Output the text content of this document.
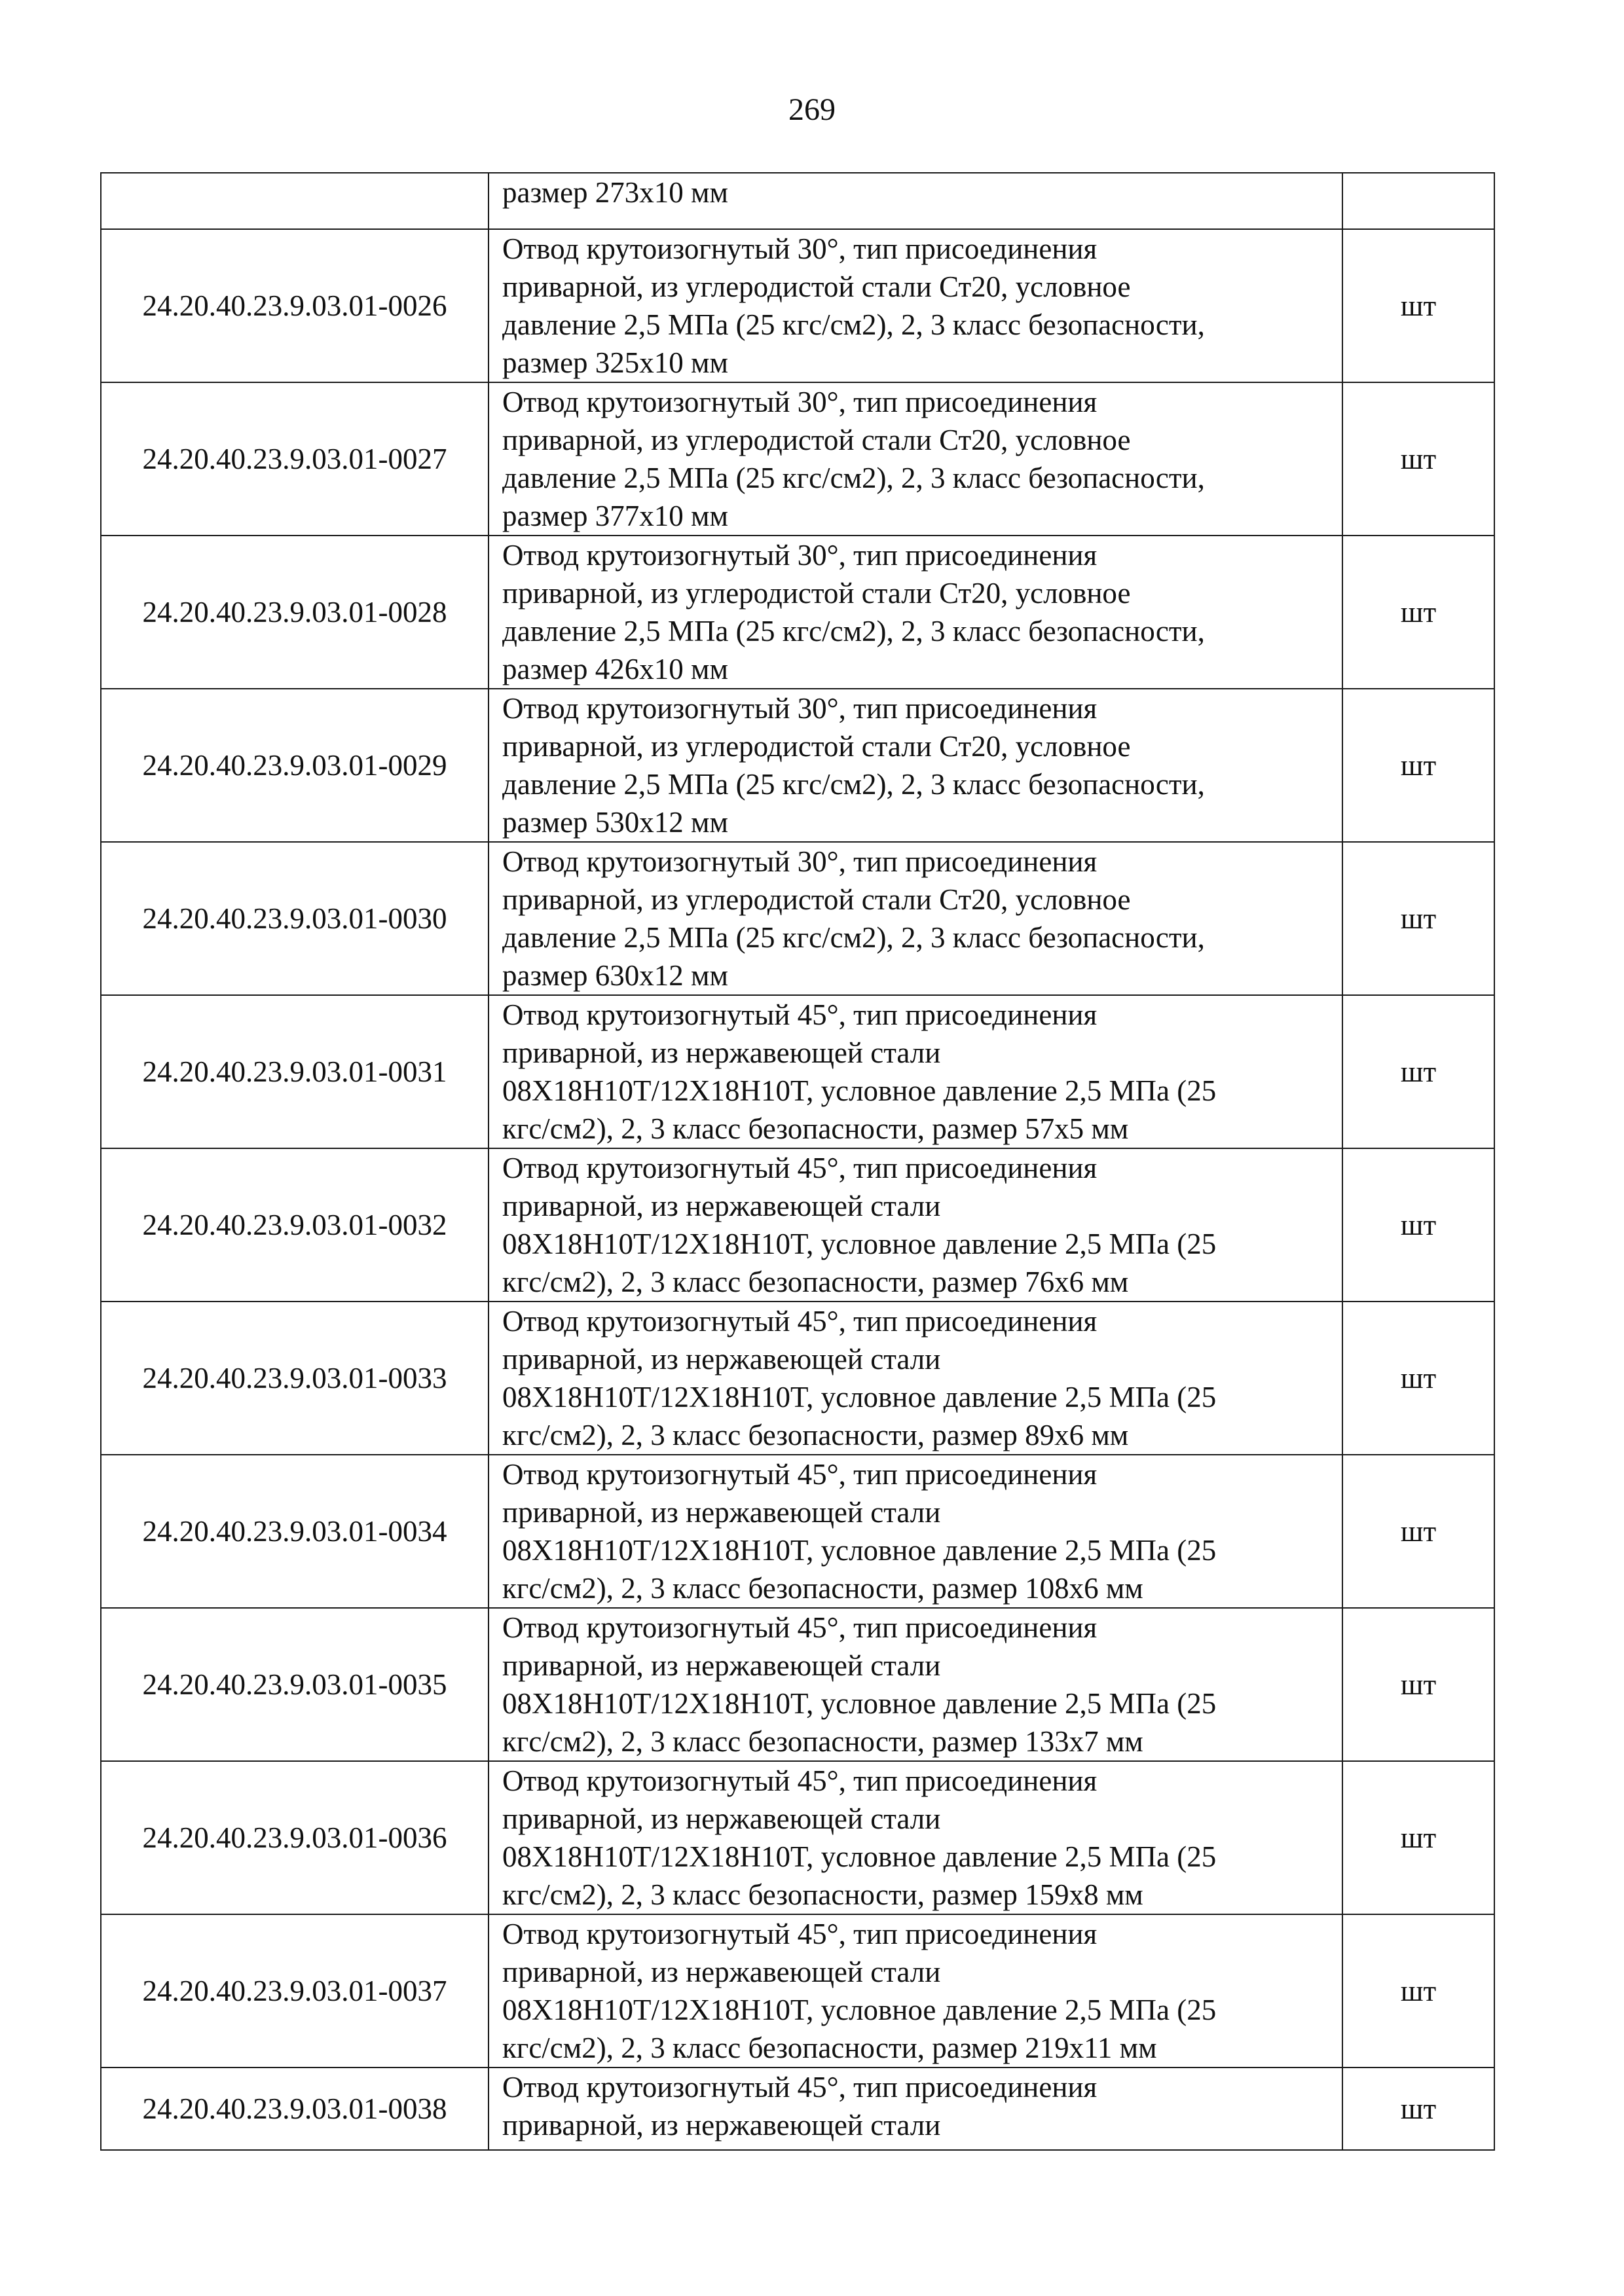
269

	размер 273x10 мм	

24.20.40.23.9.03.01-0026	Отвод крутоизогнутый 30°, тип присоединения
приварной, из углеродистой стали Ст20, условное
давление 2,5 МПа (25 кгс/см2), 2, 3 класс безопасности,
размер 325x10 мм	шт
24.20.40.23.9.03.01-0027	Отвод крутоизогнутый 30°, тип присоединения
приварной, из углеродистой стали Ст20, условное
давление 2,5 МПа (25 кгс/см2), 2, 3 класс безопасности,
размер 377x10 мм	шт
24.20.40.23.9.03.01-0028	Отвод крутоизогнутый 30°, тип присоединения
приварной, из углеродистой стали Ст20, условное
давление 2,5 МПа (25 кгс/см2), 2, 3 класс безопасности,
размер 426x10 мм	шт
24.20.40.23.9.03.01-0029	Отвод крутоизогнутый 30°, тип присоединения
приварной, из углеродистой стали Ст20, условное
давление 2,5 МПа (25 кгс/см2), 2, 3 класс безопасности,
размер 530x12 мм	шт
24.20.40.23.9.03.01-0030	Отвод крутоизогнутый 30°, тип присоединения
приварной, из углеродистой стали Ст20, условное
давление 2,5 МПа (25 кгс/см2), 2, 3 класс безопасности,
размер 630x12 мм	шт
24.20.40.23.9.03.01-0031	Отвод крутоизогнутый 45°, тип присоединения
приварной, из нержавеющей стали
08X18H10T/12X18H10T, условное давление 2,5 МПа (25
кгс/см2), 2, 3 класс безопасности, размер 57x5 мм	шт
24.20.40.23.9.03.01-0032	Отвод крутоизогнутый 45°, тип присоединения
приварной, из нержавеющей стали
08X18H10T/12X18H10T, условное давление 2,5 МПа (25
кгс/см2), 2, 3 класс безопасности, размер 76x6 мм	шт
24.20.40.23.9.03.01-0033	Отвод крутоизогнутый 45°, тип присоединения
приварной, из нержавеющей стали
08X18H10T/12X18H10T, условное давление 2,5 МПа (25
кгс/см2), 2, 3 класс безопасности, размер 89x6 мм	шт
24.20.40.23.9.03.01-0034	Отвод крутоизогнутый 45°, тип присоединения
приварной, из нержавеющей стали
08X18H10T/12X18H10T, условное давление 2,5 МПа (25
кгс/см2), 2, 3 класс безопасности, размер 108x6 мм	шт
24.20.40.23.9.03.01-0035	Отвод крутоизогнутый 45°, тип присоединения
приварной, из нержавеющей стали
08X18H10T/12X18H10T, условное давление 2,5 МПа (25
кгс/см2), 2, 3 класс безопасности, размер 133x7 мм	шт
24.20.40.23.9.03.01-0036	Отвод крутоизогнутый 45°, тип присоединения
приварной, из нержавеющей стали
08X18H10T/12X18H10T, условное давление 2,5 МПа (25
кгс/см2), 2, 3 класс безопасности, размер 159x8 мм	шт
24.20.40.23.9.03.01-0037	Отвод крутоизогнутый 45°, тип присоединения
приварной, из нержавеющей стали
08X18H10T/12X18H10T, условное давление 2,5 МПа (25
кгс/см2), 2, 3 класс безопасности, размер 219x11 мм	шт
24.20.40.23.9.03.01-0038	Отвод крутоизогнутый 45°, тип присоединения
приварной, из нержавеющей стали	шт
